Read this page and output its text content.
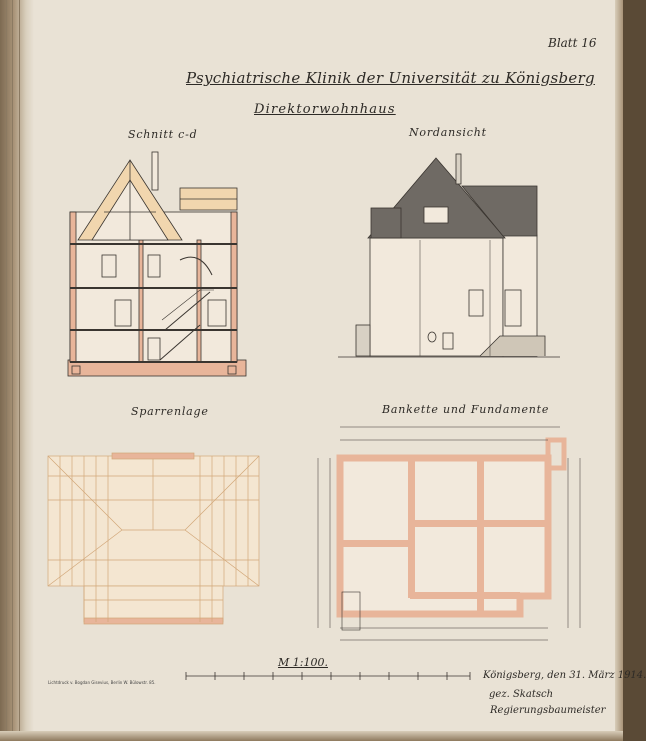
Blatt 16
Psychiatrische Klinik der Universität zu Königsberg
Direktorwohnhaus
Schnitt c-d	Nordansicht
Sparrenlage	Bankette und Fundamente
M 1:100.
Königsberg, den 31. März 1914.
gez. Skatsch
Regierungsbaumeister
Lichtdruck v. Bogdan Gisevius, Berlin W. Bülowstr. 85.
